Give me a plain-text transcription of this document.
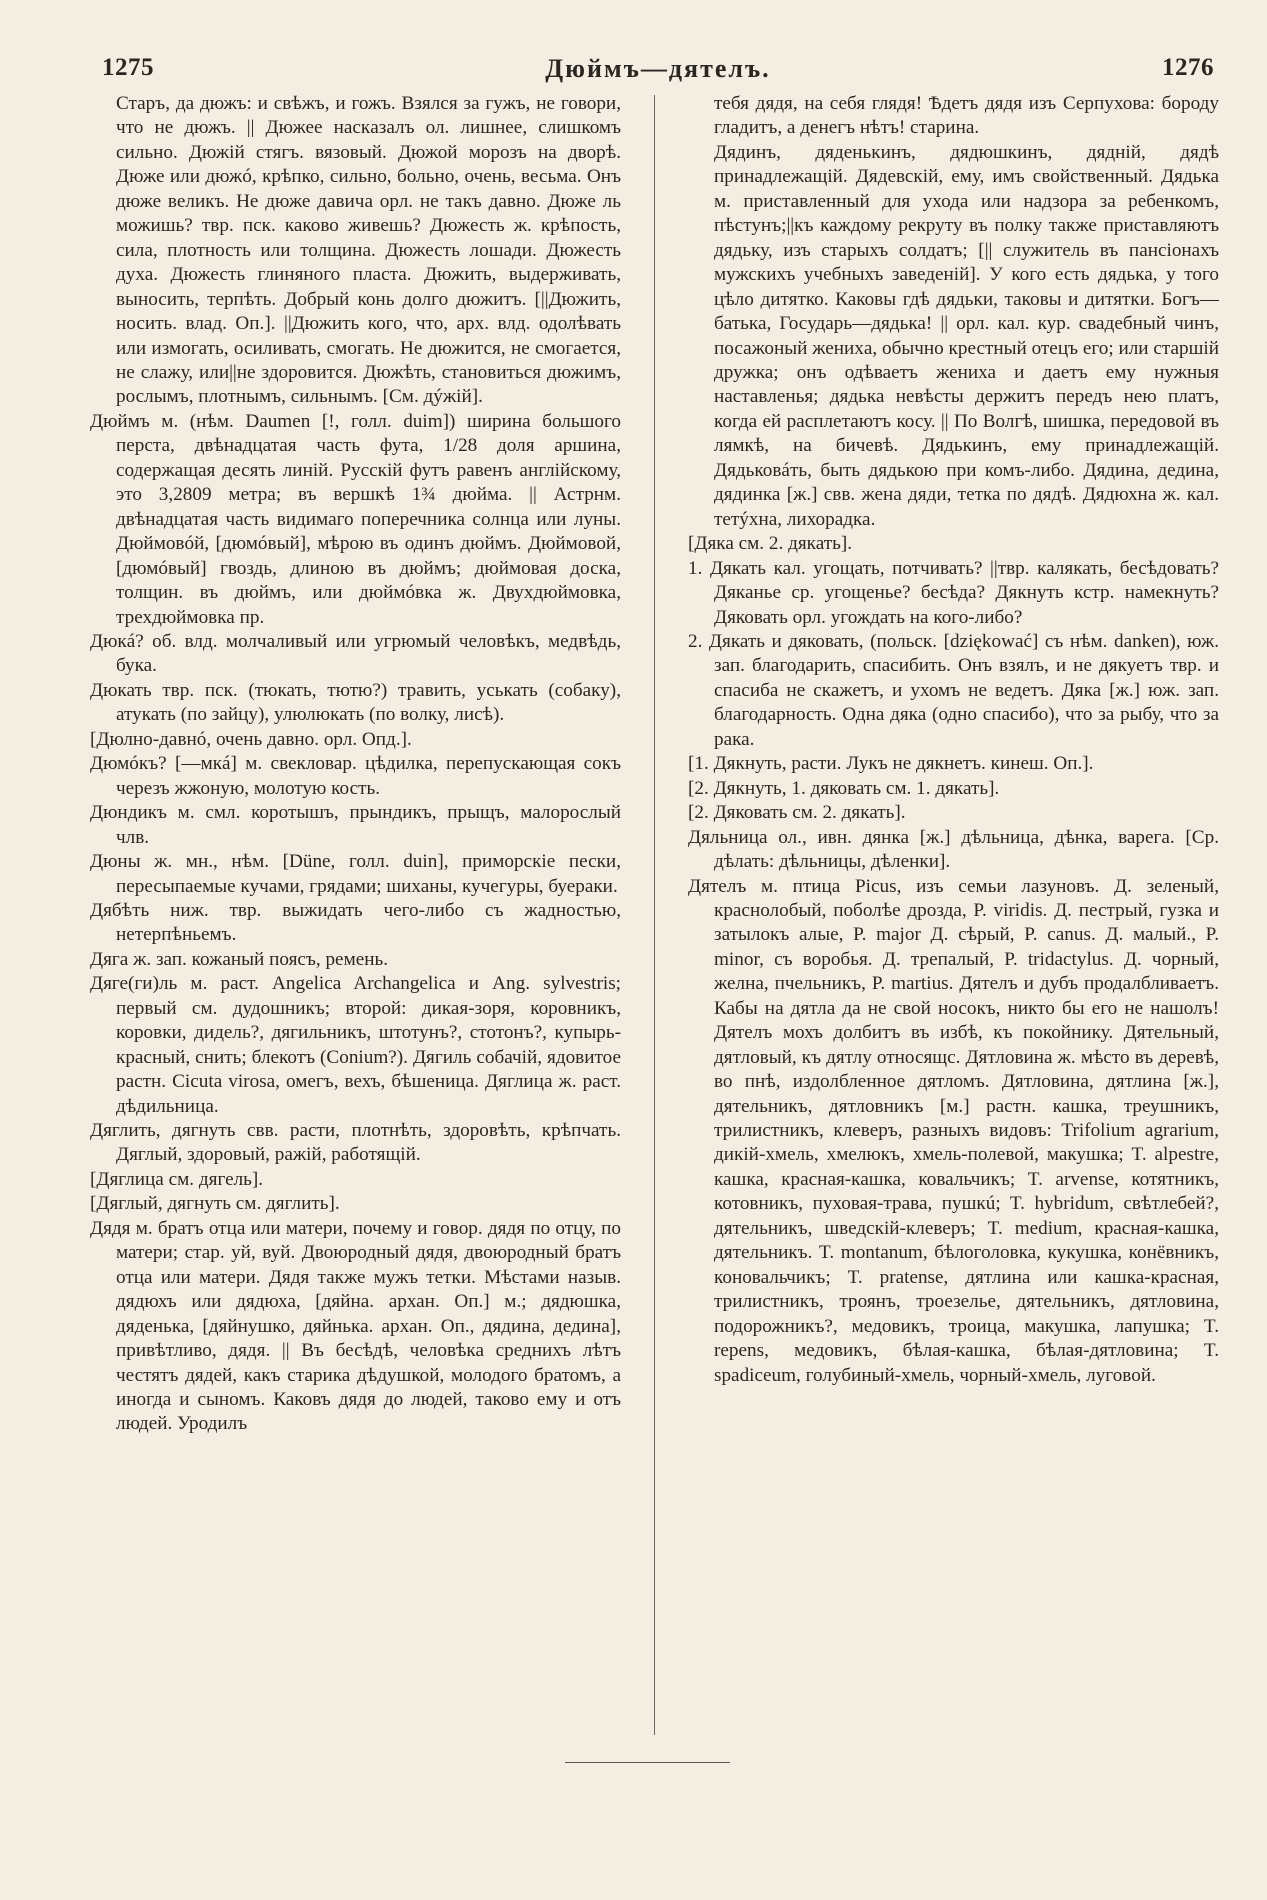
1275	Дюймъ—дятелъ.	1276

Старъ, да дюжъ: и свѣжъ, и гожъ. Взялся за гужъ, не говори, что не дюжъ. || Дюжее наскaзалъ ол. лишнее, слишкомъ сильно. Дюжій стягъ. вязовый. Дюжой морозъ на дворѣ. Дюже или дюжó, крѣпко, сильно, больно, очень, весьма. Онъ дюже великъ. Не дюже давича орл. не такъ давно. Дюже ль можишь? твр. пск. каково живешь? Дюжесть ж. крѣпость, сила, плотность или толщина. Дюжесть лошади. Дюжесть духа. Дюжесть глиняного пласта. Дюжить, выдерживать, выносить, терпѣть. Добрый конь долго дюжитъ. [||Дюжить, носить. влад. Оп.]. ||Дюжить кого, что, арх. влд. одолѣвать или измогать, осиливать, смогать. Не дюжится, не смогается, не слажу, или||не здоровится. Дюжѣть, становиться дюжимъ, рослымъ, плотнымъ, сильнымъ. [См. дýжій].

Дюймъ м. (нѣм. Daumen [!, голл. duim]) ширина большого перста, двѣнадцатая часть фута, 1/28 доля аршина, содержащая десять линій. Русскій футъ равенъ англійскому, это 3,2809 метра; въ вершкѣ 1¾ дюйма. || Астрнм. двѣнадцатая часть видимаго поперечника солнца или луны. Дюймовóй, [дюмóвый], мѣрою въ одинъ дюймъ. Дюймовой, [дюмóвый] гвоздь, длиною въ дюймъ; дюймовая доска, толщин. въ дюймъ, или дюймóвка ж. Двухдюймовка, трехдюймовка пр.

Дюкá? об. влд. молчаливый или угрюмый человѣкъ, медвѣдь, бука.

Дюкать твр. пск. (тюкать, тютю?) травить, уськать (собаку), атукать (по зайцу), улюлюкать (по волку, лисѣ).

[Дюлно-давнó, очень давно. орл. Опд.].

Дюмóкъ? [—мкá] м. свекловар. цѣдилка, перепускающая сокъ черезъ жжоную, молотую кость.

Дюндикъ м. смл. коротышъ, прындикъ, прыщъ, малорослый члв.

Дюны ж. мн., нѣм. [Düne, голл. duin], приморскіе пески, пересыпаемые кучами, грядами; шиханы, кучегуры, буераки.

Дябѣть ниж. твр. выжидать чего-либо съ жадностью, нетерпѣньемъ.

Дяга ж. зап. кожаный поясъ, ремень.

Дяге(ги)ль м. раст. Angelica Archangelica и Ang. sylvestris; первый см. дудошникъ; второй: дикая-зоря, коровникъ, коровки, дидель?, дягильникъ, штотунъ?, стотонъ?, купырь-красный, снить; блекотъ (Conium?). Дягиль собачій, ядовитое растн. Cicuta virosa, омегъ, вехъ, бѣшеница. Дяглица ж. раст. дѣдильница.

Дяглить, дягнуть свв. расти, плотнѣть, здоровѣть, крѣпчать. Дяглый, здоровый, ражій, работящій.

[Дяглица см. дягель].

[Дяглый, дягнуть см. дяглить].

Дядя м. братъ отца или матери, почему и говор. дядя по отцу, по матери; стар. уй, вуй. Двоюродный дядя, двоюродный братъ отца или матери. Дядя также мужъ тетки. Мѣстами назыв. дядюхъ или дядюха, [дяйна. архан. Оп.] м.; дядюшка, дяденька, [дяйнушко, дяйнька. архан. Оп., дядина, дедина], привѣтливо, дядя. || Въ бесѣдѣ, человѣка среднихъ лѣтъ честятъ дядей, какъ старика дѣдушкой, молодого братомъ, а иногда и сыномъ. Каковъ дядя до людей, таково ему и отъ людей. Уродилъ

тебя дядя, на себя глядя! Ѣдетъ дядя изъ Серпухова: бороду гладитъ, а денегъ нѣтъ! старина.

Дядинъ, дяденькинъ, дядюшкинъ, дядній, дядѣ принадлежащій. Дядевскій, ему, имъ свойственный. Дядька м. приставленный для ухода или надзора за ребенкомъ, пѣстунъ;||къ каждому рекруту въ полку также приставляютъ дядьку, изъ старыхъ солдатъ; [|| служитель въ пансіонахъ мужскихъ учебныхъ заведеній]. У кого есть дядька, у того цѣло дитятко. Каковы гдѣ дядьки, таковы и дитятки. Богъ—батька, Государь—дядька! || орл. кал. кур. свадебный чинъ, посажоный женихa, обычно крестный отецъ его; или старшій дружка; онъ одѣваетъ жениха и даетъ ему нужныя наставленья; дядька невѣсты держитъ передъ нею платъ, когда ей расплетаютъ косу. || По Волгѣ, шишка, передовой въ лямкѣ, на бичевѣ. Дядькинъ, ему принадлежащій. Дядьковáть, быть дядькою при комъ-либо. Дядина, дедина, дядинка [ж.] свв. жена дяди, тетка по дядѣ. Дядюхна ж. кал. тетýхна, лихорадка.

[Дяка см. 2. дякать].

1. Дякать кал. угощать, потчивать? ||твр. калякать, бесѣдовать? Дяканье ср. угощенье? бесѣда? Дякнуть кстр. намекнуть? Дяковать орл. угождать на кого-либо?

2. Дякать и дяковать, (польск. [dziękować] съ нѣм. danken), юж. зап. благодарить, спасибить. Онъ взялъ, и не дякуетъ твр. и спасиба не скажетъ, и ухомъ не ведетъ. Дяка [ж.] юж. зап. благодарность. Одна дяка (одно спасибо), что за рыбу, что за рака.

[1. Дякнуть, расти. Лукъ не дякнетъ. кинеш. Оп.].

[2. Дякнуть, 1. дяковать см. 1. дякать].

[2. Дяковать см. 2. дякать].

Дяльница ол., ивн. дянка [ж.] дѣльница, дѣнка, варега. [Ср. дѣлать: дѣльницы, дѣленки].

Дятелъ м. птица Picus, изъ семьи лазуновъ. Д. зеленый, краснолобый, поболѣе дрозда, P. viridis. Д. пестрый, гузка и затылокъ алые, P. major Д. сѣрый, P. canus. Д. малый., P. minor, съ воробья. Д. трепалый, P. tridactylus. Д. чорный, желна, пчельникъ, P. martius. Дятелъ и дубъ продалбливаетъ. Кабы на дятла да не свой носокъ, никто бы его не нашолъ! Дятелъ мохъ долбитъ въ избѣ, къ покойнику. Дятельный, дятловый, къ дятлу относящс. Дятловина ж. мѣсто въ деревѣ, во пнѣ, издолбленное дятломъ. Дятловина, дятлина [ж.], дятельникъ, дятловникъ [м.] растн. кашка, треушникъ, трилистникъ, клеверъ, разныхъ видовъ: Trifolium agrarium, дикій-хмель, хмелюкъ, хмель-полевой, макушка; T. alpestre, кашка, красная-кашка, ковальчикъ; T. arvense, котятникъ, котовникъ, пуховая-трава, пушкú; T. hybridum, свѣтлебей?, дятельникъ, шведскій-клеверъ; T. medium, красная-кашка, дятельникъ. T. montanum, бѣлоголовка, кукушка, конёвникъ, коновальчикъ; T. pratense, дятлина или кашка-красная, трилистникъ, троянъ, троезелье, дятельникъ, дятловина, подорожникъ?, медовикъ, троица, макушка, лапушка; T. repens, медовикъ, бѣлая-кашка, бѣлая-дятловина; T. spadiceum, голубиный-хмель, чорный-хмель, луговой.
